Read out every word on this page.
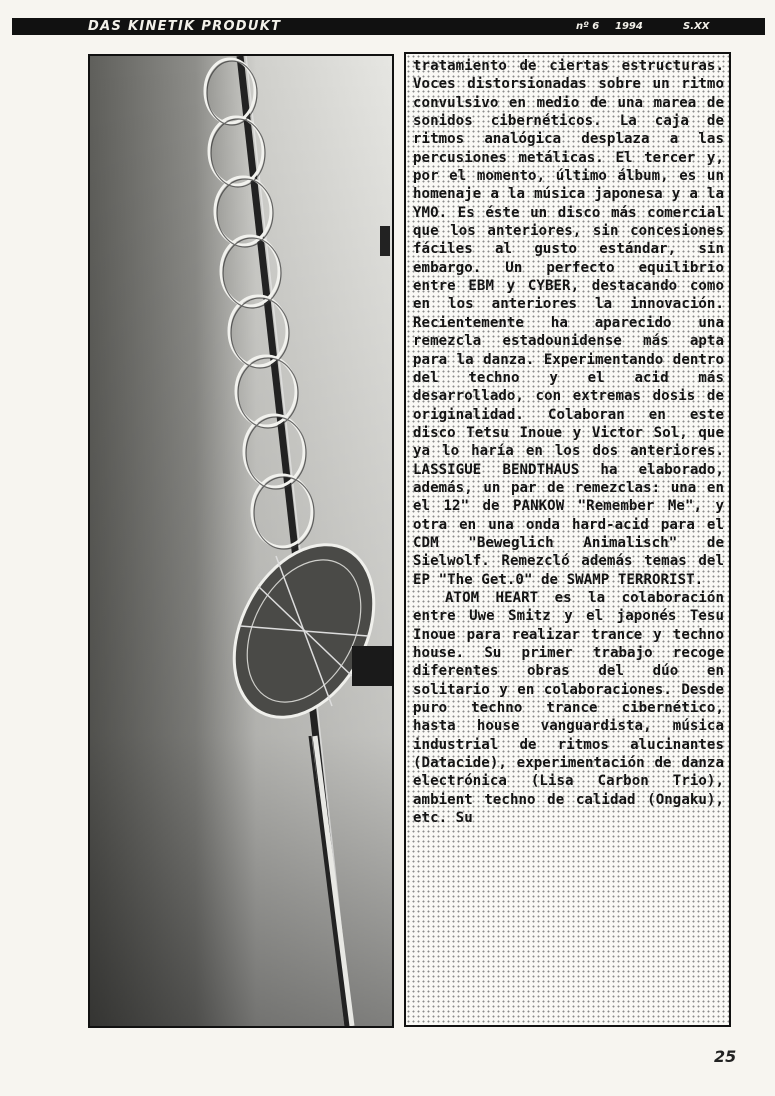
DAS KINETIK PRODUKT	nº 6 1994	S.XX

tratamiento de ciertas estructuras. Voces distorsionadas sobre un ritmo convulsivo en medio de una marea de sonidos cibernéticos. La caja de ritmos analógica desplaza a las percusiones metálicas. El tercer y, por el momento, último álbum, es un homenaje a la música japonesa y a la YMO. Es éste un disco más comercial que los anteriores, sin concesiones fáciles al gusto estándar, sin embargo. Un perfecto equilibrio entre EBM y CYBER, destacando como en los anteriores la innovación. Recientemente ha aparecido una remezcla estadounidense más apta para la danza. Experimentando dentro del techno y el acid más desarrollado, con extremas dosis de originalidad. Colaboran en este disco Tetsu Inoue y Victor Sol, que ya lo haría en los dos anteriores. LASSIGUE BENDTHAUS ha elaborado, además, un par de remezclas: una en el 12" de PANKOW "Remember Me", y otra en una onda hard-acid para el CDM "Beweglich Animalisch" de Sielwolf. Remezcló además temas del EP "The Get.0" de SWAMP TERRORIST.

ATOM HEART es la colaboración entre Uwe Smitz y el japonés Tesu Inoue para realizar trance y techno house. Su primer trabajo recoge diferentes obras del dúo en solitario y en colaboraciones. Desde puro techno trance cibernético, hasta house vanguardista, música industrial de ritmos alucinantes (Datacide), experimentación de danza electrónica (Lisa Carbon Trio), ambient techno de calidad (Ongaku), etc. Su

25
